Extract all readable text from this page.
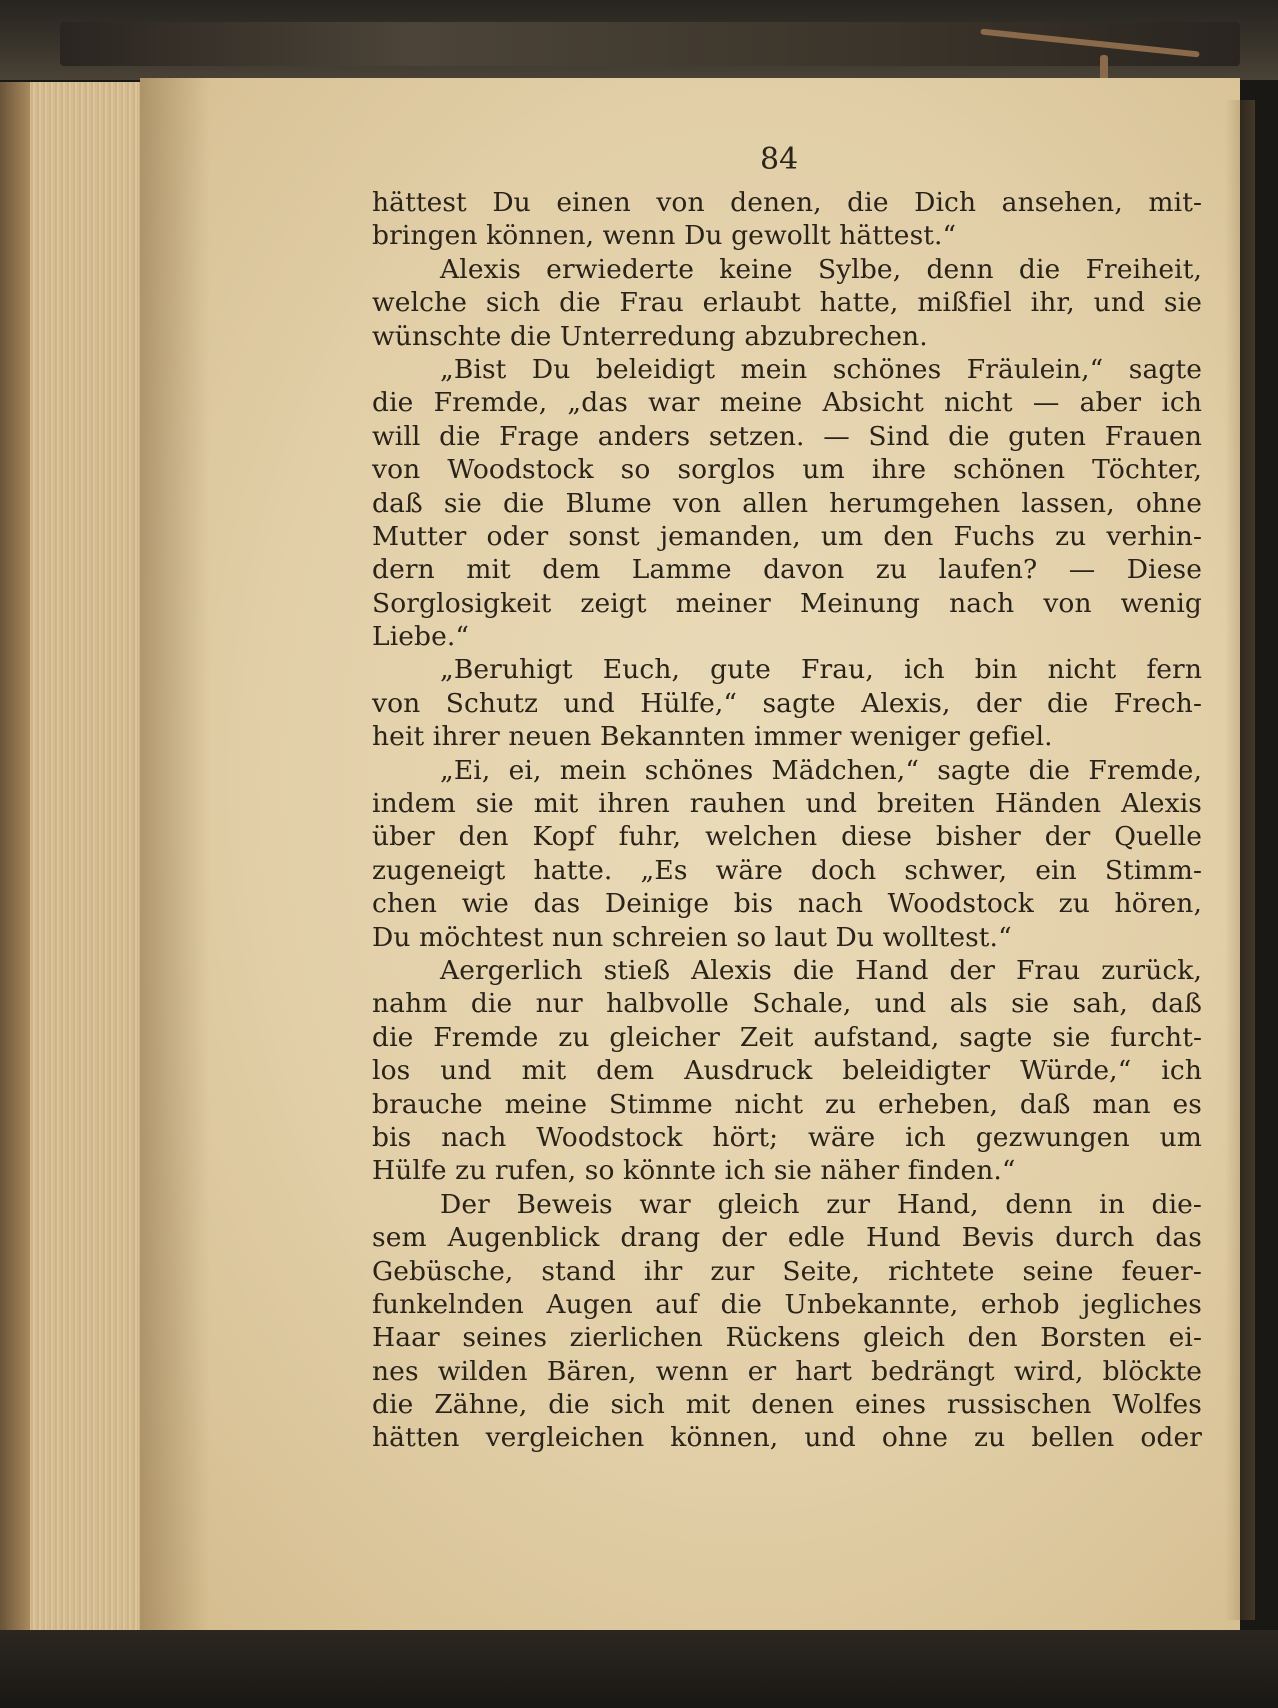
84
hättest Du einen von denen, die Dich ansehen, mit-
bringen können, wenn Du gewollt hättest.“
Alexis erwiederte keine Sylbe, denn die Freiheit,
welche sich die Frau erlaubt hatte, mißfiel ihr, und sie
wünschte die Unterredung abzubrechen.
„Bist Du beleidigt mein schönes Fräulein,“ sagte
die Fremde, „das war meine Absicht nicht — aber ich
will die Frage anders setzen. — Sind die guten Frauen
von Woodstock so sorglos um ihre schönen Töchter,
daß sie die Blume von allen herumgehen lassen, ohne
Mutter oder sonst jemanden, um den Fuchs zu verhin-
dern mit dem Lamme davon zu laufen? — Diese
Sorglosigkeit zeigt meiner Meinung nach von wenig
Liebe.“
„Beruhigt Euch, gute Frau, ich bin nicht fern
von Schutz und Hülfe,“ sagte Alexis, der die Frech-
heit ihrer neuen Bekannten immer weniger gefiel.
„Ei, ei, mein schönes Mädchen,“ sagte die Fremde,
indem sie mit ihren rauhen und breiten Händen Alexis
über den Kopf fuhr, welchen diese bisher der Quelle
zugeneigt hatte. „Es wäre doch schwer, ein Stimm-
chen wie das Deinige bis nach Woodstock zu hören,
Du möchtest nun schreien so laut Du wolltest.“
Aergerlich stieß Alexis die Hand der Frau zurück,
nahm die nur halbvolle Schale, und als sie sah, daß
die Fremde zu gleicher Zeit aufstand, sagte sie furcht-
los und mit dem Ausdruck beleidigter Würde,“ ich
brauche meine Stimme nicht zu erheben, daß man es
bis nach Woodstock hört; wäre ich gezwungen um
Hülfe zu rufen, so könnte ich sie näher finden.“
Der Beweis war gleich zur Hand, denn in die-
sem Augenblick drang der edle Hund Bevis durch das
Gebüsche, stand ihr zur Seite, richtete seine feuer-
funkelnden Augen auf die Unbekannte, erhob jegliches
Haar seines zierlichen Rückens gleich den Borsten ei-
nes wilden Bären, wenn er hart bedrängt wird, blöckte
die Zähne, die sich mit denen eines russischen Wolfes
hätten vergleichen können, und ohne zu bellen oder
